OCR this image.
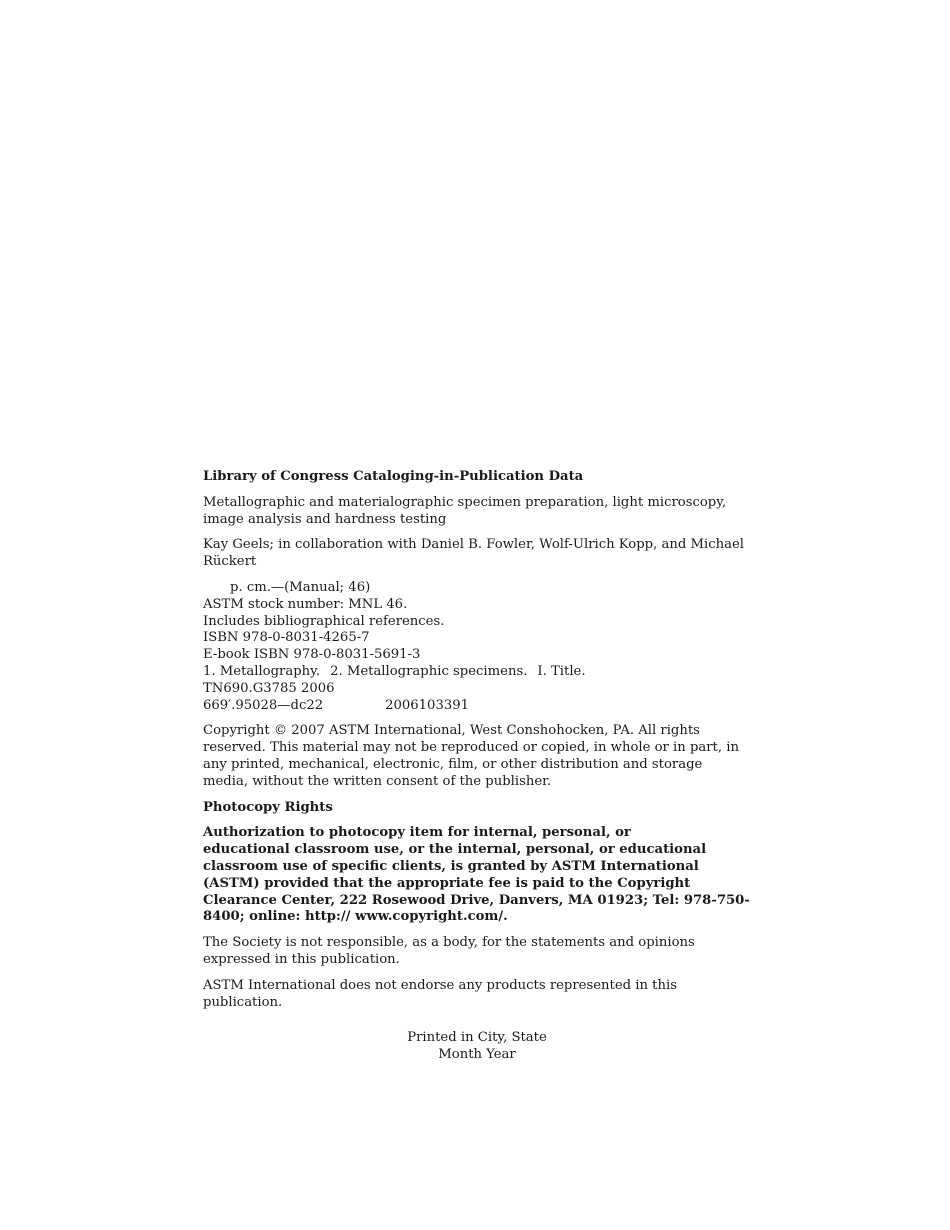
Library of Congress Cataloging-in-Publication Data
Metallographic and materialographic specimen preparation, light microscopy, image analysis and hardness testing
Kay Geels; in collaboration with Daniel B. Fowler, Wolf-Ulrich Kopp, and Michael Rückert
p. cm.—(Manual; 46)
ASTM stock number: MNL 46.
Includes bibliographical references.
ISBN 978-0-8031-4265-7
E-book ISBN 978-0-8031-5691-3
1. Metallography. 2. Metallographic specimens. I. Title.
TN690.G3785 2006
669′.95028—dc22	2006103391
Copyright © 2007 ASTM International, West Conshohocken, PA. All rights reserved. This material may not be reproduced or copied, in whole or in part, in any printed, mechanical, electronic, film, or other distribution and storage media, without the written consent of the publisher.
Photocopy Rights
Authorization to photocopy item for internal, personal, or
educational classroom use, or the internal, personal, or educational classroom use of specific clients, is granted by ASTM International (ASTM) provided that the appropriate fee is paid to the Copyright Clearance Center, 222 Rosewood Drive, Danvers, MA 01923; Tel: 978-750-8400; online: http:// www.copyright.com/.
The Society is not responsible, as a body, for the statements and opinions expressed in this publication.
ASTM International does not endorse any products represented in this publication.
Printed in City, State
Month Year
